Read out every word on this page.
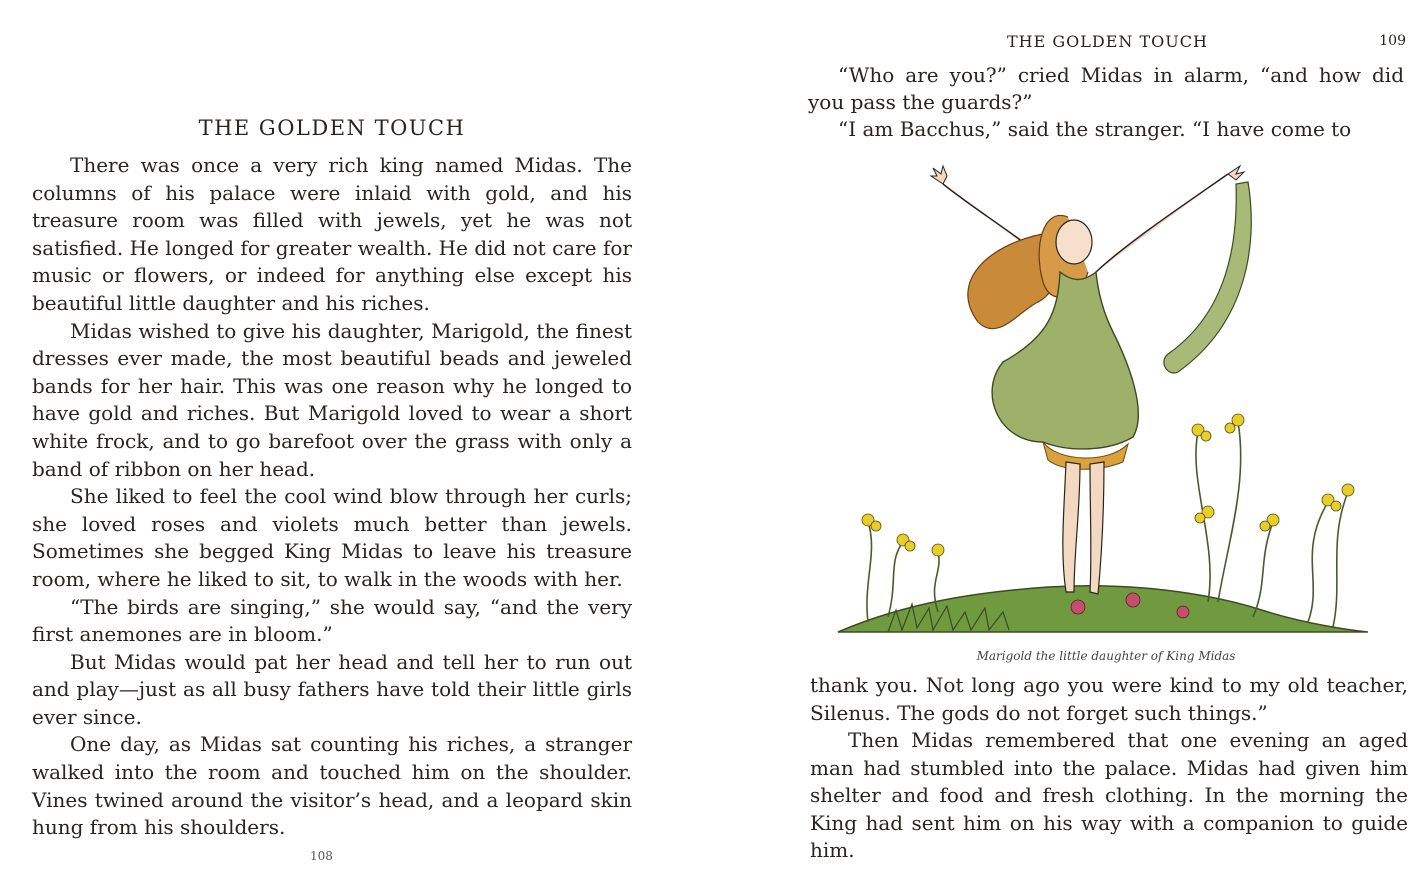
THE GOLDEN TOUCH

There was once a very rich king named Midas. The columns of his palace were inlaid with gold, and his treasure room was filled with jewels, yet he was not satisfied. He longed for greater wealth. He did not care for music or flowers, or indeed for anything else except his beautiful little daughter and his riches.

Midas wished to give his daughter, Marigold, the finest dresses ever made, the most beautiful beads and jeweled bands for her hair. This was one reason why he longed to have gold and riches. But Marigold loved to wear a short white frock, and to go barefoot over the grass with only a band of ribbon on her head.

She liked to feel the cool wind blow through her curls; she loved roses and violets much better than jewels. Sometimes she begged King Midas to leave his treasure room, where he liked to sit, to walk in the woods with her.

“The birds are singing,” she would say, “and the very first anemones are in bloom.”

But Midas would pat her head and tell her to run out and play—just as all busy fathers have told their little girls ever since.

One day, as Midas sat counting his riches, a stranger walked into the room and touched him on the shoulder. Vines twined around the visitor’s head, and a leopard skin hung from his shoulders.

108
THE GOLDEN TOUCH	109

“Who are you?” cried Midas in alarm, “and how did you pass the guards?”

“I am Bacchus,” said the stranger. “I have come to

Marigold the little daughter of King Midas

thank you. Not long ago you were kind to my old teacher, Silenus. The gods do not forget such things.”

Then Midas remembered that one evening an aged man had stumbled into the palace. Midas had given him shelter and food and fresh clothing. In the morning the King had sent him on his way with a companion to guide him.
